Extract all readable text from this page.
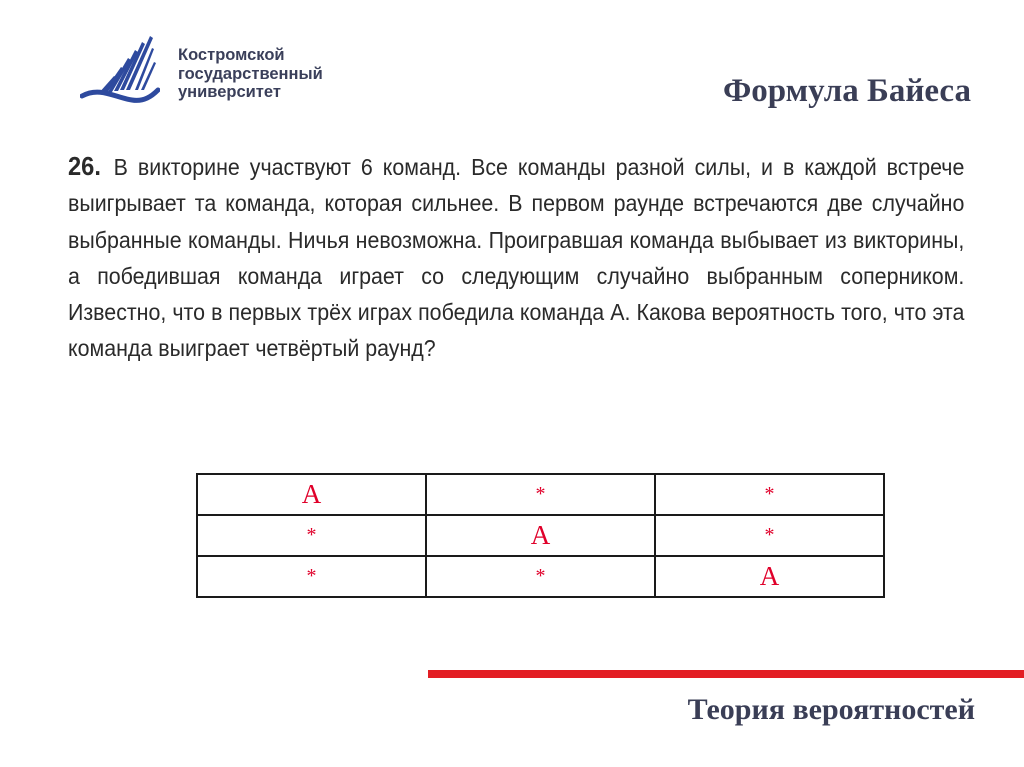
Костромской
государственный
университет	Формула Байеса
26. В викторине участвуют 6 команд. Все команды разной силы, и в каждой встрече выигрывает та команда, которая сильнее. В первом раунде встречаются две случайно выбранные команды. Ничья невозможна. Проигравшая команда выбывает из викторины, а победившая команда играет со следующим случайно выбранным соперником. Известно, что в первых трёх играх победила команда А. Какова вероятность того, что эта команда выиграет четвёртый раунд?
А	*	*
*	А	*
*	*	А
Теория вероятностей
